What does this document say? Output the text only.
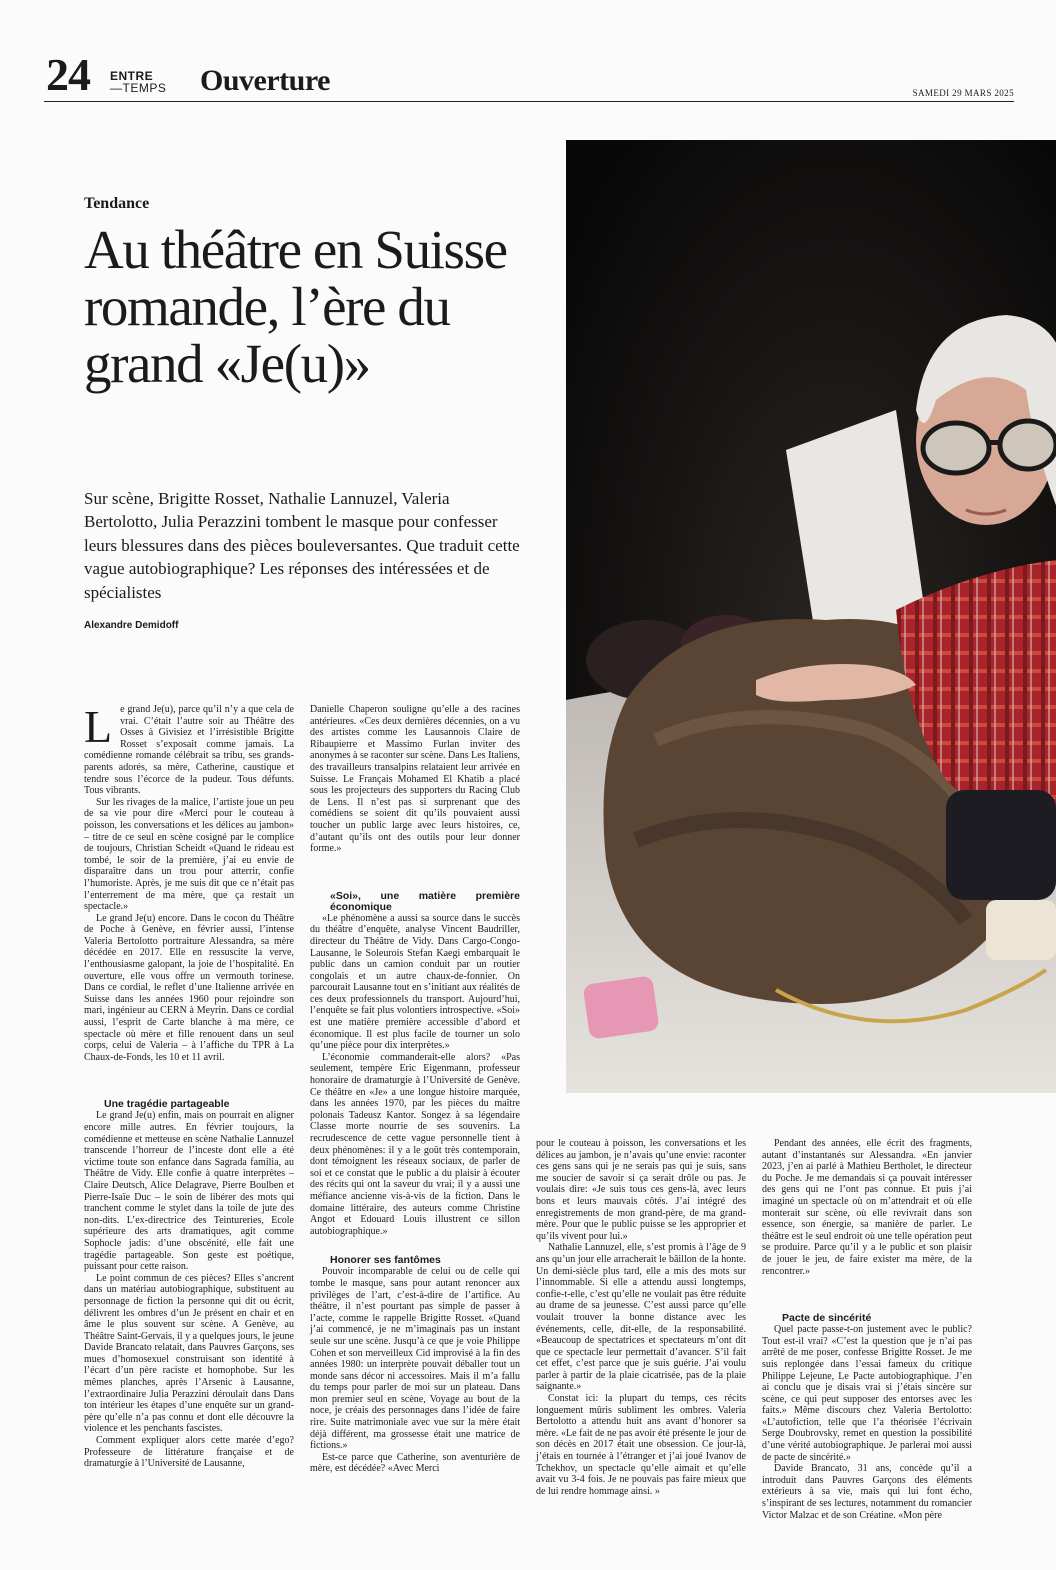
24 ENTRE
—TEMPS Ouverture	SAMEDI 29 MARS 2025
Tendance
Au théâtre en Suisse romande, l’ère du grand «Je(u)»

Sur scène, Brigitte Rosset, Nathalie Lannuzel, Valeria Bertolotto, Julia Perazzini tombent le masque pour confesser leurs blessures dans des pièces bouleversantes. Que traduit cette vague autobiographique? Les réponses des intéressées et de spécialistes

Alexandre Demidoff

Le grand Je(u), parce qu’il n’y a que cela de vrai. C’était l’autre soir au Théâtre des Osses à Givisiez et l’irrésistible Brigitte Rosset s’exposait comme jamais. La comédienne romande célébrait sa tribu, ses grands-parents adorés, sa mère, Catherine, caustique et tendre sous l’écorce de la pudeur. Tous défunts. Tous vibrants.

Sur les rivages de la malice, l’artiste joue un peu de sa vie pour dire «Merci pour le couteau à poisson, les conversations et les délices au jambon» – titre de ce seul en scène cosigné par le complice de toujours, Christian Scheidt «Quand le rideau est tombé, le soir de la première, j’ai eu envie de disparaître dans un trou pour atterrir, confie l’humoriste. Après, je me suis dit que ce n’était pas l’enterrement de ma mère, que ça restait un spectacle.»

Le grand Je(u) encore. Dans le cocon du Théâtre de Poche à Genève, en février aussi, l’intense Valeria Bertolotto portraiture Alessandra, sa mère décédée en 2017. Elle en ressuscite la verve, l’enthousiasme galopant, la joie de l’hospitalité. En ouverture, elle vous offre un vermouth torinese. Dans ce cordial, le reflet d’une Italienne arrivée en Suisse dans les années 1960 pour rejoindre son mari, ingénieur au CERN à Meyrin. Dans ce cordial aussi, l’esprit de Carte blanche à ma mère, ce spectacle où mère et fille renouent dans un seul corps, celui de Valeria – à l’affiche du TPR à La Chaux-de-Fonds, les 10 et 11 avril.

Une tragédie partageable

Le grand Je(u) enfin, mais on pourrait en aligner encore mille autres. En février toujours, la comédienne et metteuse en scène Nathalie Lannuzel transcende l’horreur de l’inceste dont elle a été victime toute son enfance dans Sagrada familia, au Théâtre de Vidy. Elle confie à quatre interprètes – Claire Deutsch, Alice Delagrave, Pierre Boulben et Pierre-Isaïe Duc – le soin de libérer des mots qui tranchent comme le stylet dans la toile de jute des non-dits. L’ex-directrice des Teintureries, Ecole supérieure des arts dramatiques, agit comme Sophocle jadis: d’une obscénité, elle fait une tragédie partageable. Son geste est poétique, puissant pour cette raison.

Le point commun de ces pièces? Elles s’ancrent dans un matériau autobiographique, substituent au personnage de fiction la personne qui dit ou écrit, délivrent les ombres d’un Je présent en chair et en âme le plus souvent sur scène. A Genève, au Théâtre Saint-Gervais, il y a quelques jours, le jeune Davide Brancato relatait, dans Pauvres Garçons, ses mues d’homosexuel construisant son identité à l’écart d’un père raciste et homophobe. Sur les mêmes planches, après l’Arsenic à Lausanne, l’extraordinaire Julia Perazzini déroulait dans Dans ton intérieur les étapes d’une enquête sur un grand-père qu’elle n’a pas connu et dont elle découvre la violence et les penchants fascistes.

Comment expliquer alors cette marée d’ego? Professeure de littérature française et de dramaturgie à l’Université de Lausanne,

Danielle Chaperon souligne qu’elle a des racines antérieures. «Ces deux dernières décennies, on a vu des artistes comme les Lausannois Claire de Ribaupierre et Massimo Furlan inviter des anonymes à se raconter sur scène. Dans Les Italiens, des travailleurs transalpins relataient leur arrivée en Suisse. Le Français Mohamed El Khatib a placé sous les projecteurs des supporters du Racing Club de Lens. Il n’est pas si surprenant que des comédiens se soient dit qu’ils pouvaient aussi toucher un public large avec leurs histoires, ce, d’autant qu’ils ont des outils pour leur donner forme.»

«Soi», une matière première économique

«Le phénomène a aussi sa source dans le succès du théâtre d’enquête, analyse Vincent Baudriller, directeur du Théâtre de Vidy. Dans Cargo-Congo-Lausanne, le Soleurois Stefan Kaegi embarquait le public dans un camion conduit par un routier congolais et un autre chaux-de-fonnier. On parcourait Lausanne tout en s’initiant aux réalités de ces deux professionnels du transport. Aujourd’hui, l’enquête se fait plus volontiers introspective. «Soi» est une matière première accessible d’abord et économique. Il est plus facile de tourner un solo qu’une pièce pour dix interprètes.»

L’économie commanderait-elle alors? «Pas seulement, tempère Eric Eigenmann, professeur honoraire de dramaturgie à l’Université de Genève. Ce théâtre en «Je» a une longue histoire marquée, dans les années 1970, par les pièces du maître polonais Tadeusz Kantor. Songez à sa légendaire Classe morte nourrie de ses souvenirs. La recrudescence de cette vague personnelle tient à deux phénomènes: il y a le goût très contemporain, dont témoignent les réseaux sociaux, de parler de soi et ce constat que le public a du plaisir à écouter des récits qui ont la saveur du vrai; il y a aussi une méfiance ancienne vis-à-vis de la fiction. Dans le domaine littéraire, des auteurs comme Christine Angot et Edouard Louis illustrent ce sillon autobiographique.»

Honorer ses fantômes

Pouvoir incomparable de celui ou de celle qui tombe le masque, sans pour autant renoncer aux privilèges de l’art, c’est-à-dire de l’artifice. Au théâtre, il n’est pourtant pas simple de passer à l’acte, comme le rappelle Brigitte Rosset. «Quand j’ai commencé, je ne m’imaginais pas un instant seule sur une scène. Jusqu’à ce que je voie Philippe Cohen et son merveilleux Cid improvisé à la fin des années 1980: un interprète pouvait déballer tout un monde sans décor ni accessoires. Mais il m’a fallu du temps pour parler de moi sur un plateau. Dans mon premier seul en scène, Voyage au bout de la noce, je créais des personnages dans l’idée de faire rire. Suite matrimoniale avec vue sur la mère était déjà différent, ma grossesse était une matrice de fictions.»

Est-ce parce que Catherine, son aventurière de mère, est décédée? «Avec Merci

pour le couteau à poisson, les conversations et les délices au jambon, je n’avais qu’une envie: raconter ces gens sans qui je ne serais pas qui je suis, sans me soucier de savoir si ça serait drôle ou pas. Je voulais dire: «Je suis tous ces gens-là, avec leurs bons et leurs mauvais côtés. J’ai intégré des enregistrements de mon grand-père, de ma grand-mère. Pour que le public puisse se les approprier et qu’ils vivent pour lui.»

Nathalie Lannuzel, elle, s’est promis à l’âge de 9 ans qu’un jour elle arracherait le bâillon de la honte. Un demi-siècle plus tard, elle a mis des mots sur l’innommable. Si elle a attendu aussi longtemps, confie-t-elle, c’est qu’elle ne voulait pas être réduite au drame de sa jeunesse. C’est aussi parce qu’elle voulait trouver la bonne distance avec les événements, celle, dit-elle, de la responsabilité. «Beaucoup de spectatrices et spectateurs m’ont dit que ce spectacle leur permettait d’avancer. S’il fait cet effet, c’est parce que je suis guérie. J’ai voulu parler à partir de la plaie cicatrisée, pas de la plaie saignante.»

Constat ici: la plupart du temps, ces récits longuement mûris subliment les ombres. Valeria Bertolotto a attendu huit ans avant d’honorer sa mère. «Le fait de ne pas avoir été présente le jour de son décès en 2017 était une obsession. Ce jour-là, j’étais en tournée à l’étranger et j’ai joué Ivanov de Tchekhov, un spectacle qu’elle aimait et qu’elle avait vu 3-4 fois. Je ne pouvais pas faire mieux que de lui rendre hommage ainsi. »

Pendant des années, elle écrit des fragments, autant d’instantanés sur Alessandra. «En janvier 2023, j’en ai parlé à Mathieu Bertholet, le directeur du Poche. Je me demandais si ça pouvait intéresser des gens qui ne l’ont pas connue. Et puis j’ai imaginé un spectacle où on m’attendrait et où elle monterait sur scène, où elle revivrait dans son essence, son énergie, sa manière de parler. Le théâtre est le seul endroit où une telle opération peut se produire. Parce qu’il y a le public et son plaisir de jouer le jeu, de faire exister ma mère, de la rencontrer.»

Pacte de sincérité

Quel pacte passe-t-on justement avec le public? Tout est-il vrai? «C’est la question que je n’ai pas arrêté de me poser, confesse Brigitte Rosset. Je me suis replongée dans l’essai fameux du critique Philippe Lejeune, Le Pacte autobiographique. J’en ai conclu que je disais vrai si j’étais sincère sur scène, ce qui peut supposer des entorses avec les faits.» Même discours chez Valeria Bertolotto: «L’autofiction, telle que l’a théorisée l’écrivain Serge Doubrovsky, remet en question la possibilité d’une vérité autobiographique. Je parlerai moi aussi de pacte de sincérité.»

Davide Brancato, 31 ans, concède qu’il a introduit dans Pauvres Garçons des éléments extérieurs à sa vie, mais qui lui font écho, s’inspirant de ses lectures, notamment du romancier Victor Malzac et de son Créatine. «Mon père
